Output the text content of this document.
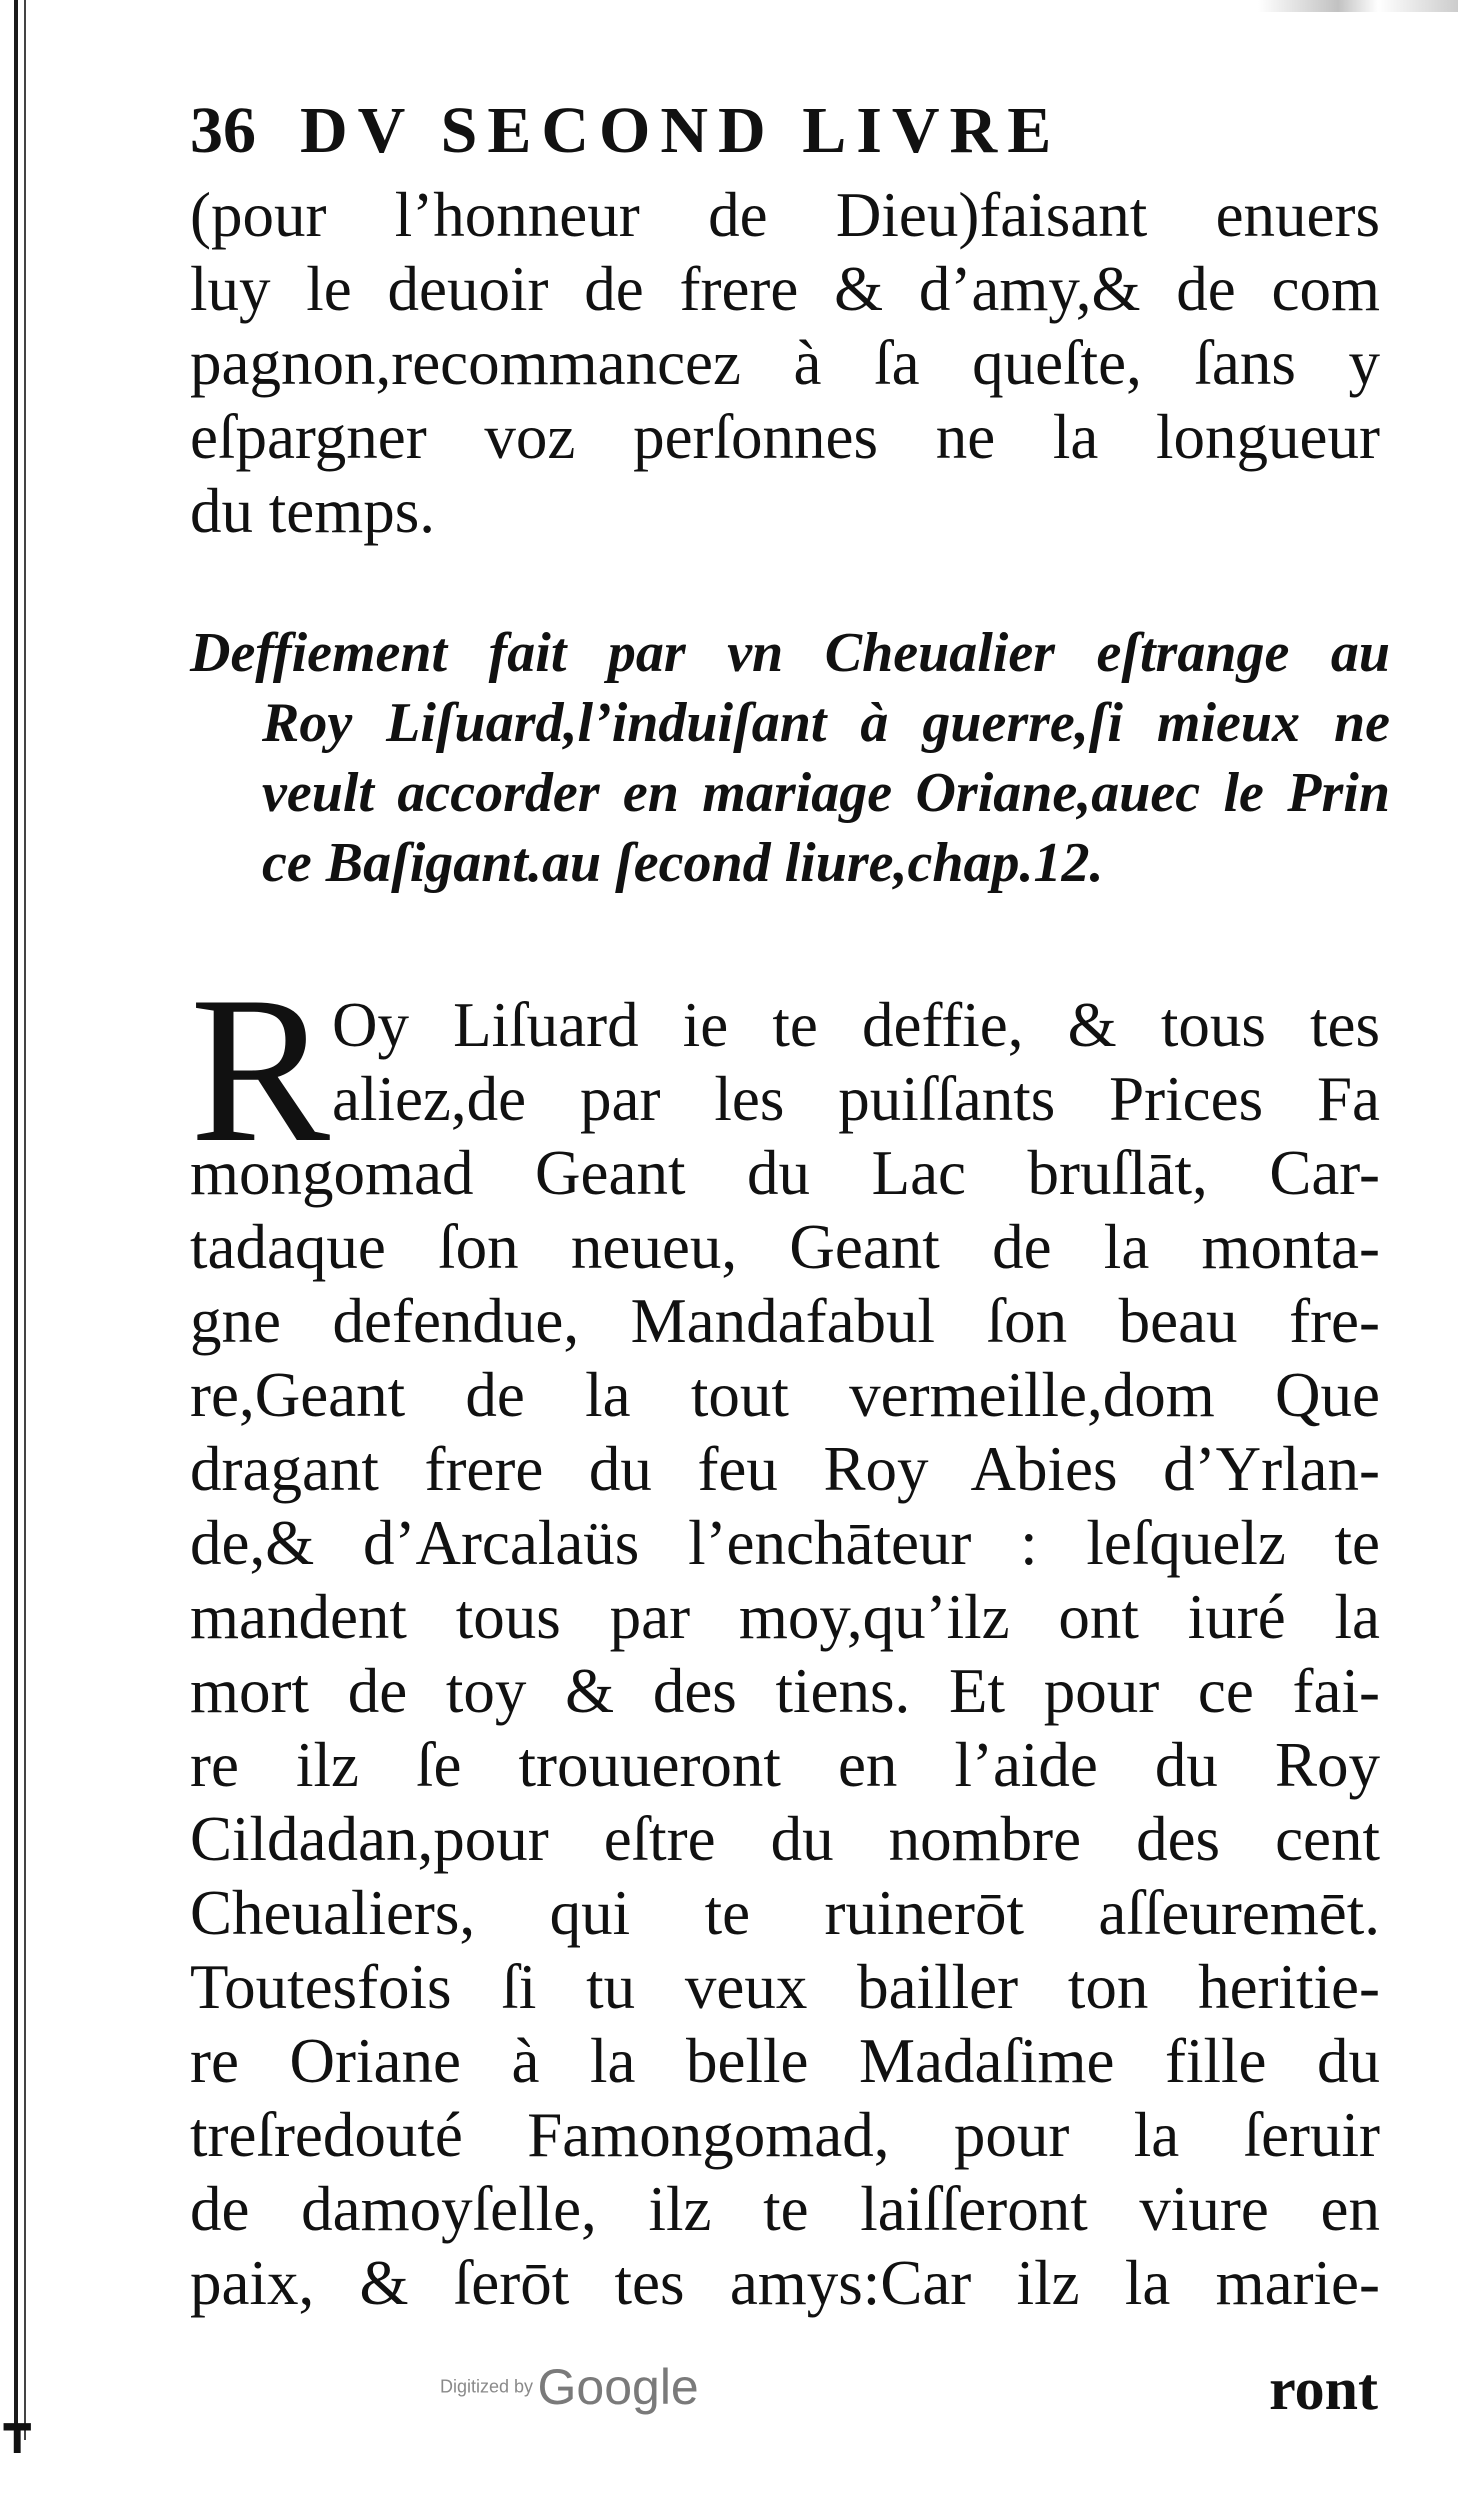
36 DV SECOND LIVRE
(pour l’honneur de Dieu)faisant enuers
luy le deuoir de frere & d’amy,& de com
pagnon,recommancez à ſa queſte, ſans y
eſpargner voz perſonnes ne la longueur
du temps.
Deffiement fait par vn Cheualier eſtrange au
Roy Liſuard,l’induiſant à guerre,ſi mieux ne
veult accorder en mariage Oriane,auec le Prin
ce Baſigant.au ſecond liure,chap.12.
R Oy Liſuard ie te deffie, & tous tes
aliez,de par les puiſſants Prices Fa
mongomad Geant du Lac bruſlāt, Car-
tadaque ſon neueu, Geant de la monta-
gne defendue, Mandafabul ſon beau fre-
re,Geant de la tout vermeille,dom Que
dragant frere du feu Roy Abies d’Yrlan-
de,& d’Arcalaüs l’enchāteur : leſquelz te
mandent tous par moy,qu’ilz ont iuré la
mort de toy & des tiens. Et pour ce fai-
re ilz ſe trouueront en l’aide du Roy
Cildadan,pour eſtre du nombre des cent
Cheualiers, qui te ruinerōt aſſeuremēt.
Toutesfois ſi tu veux bailler ton heritie-
re Oriane à la belle Madaſime fille du
treſredouté Famongomad, pour la ſeruir
de damoyſelle, ilz te laiſſeront viure en
paix, & ſerōt tes amys:Car ilz la marie-
Digitized by Google	ront
┳
